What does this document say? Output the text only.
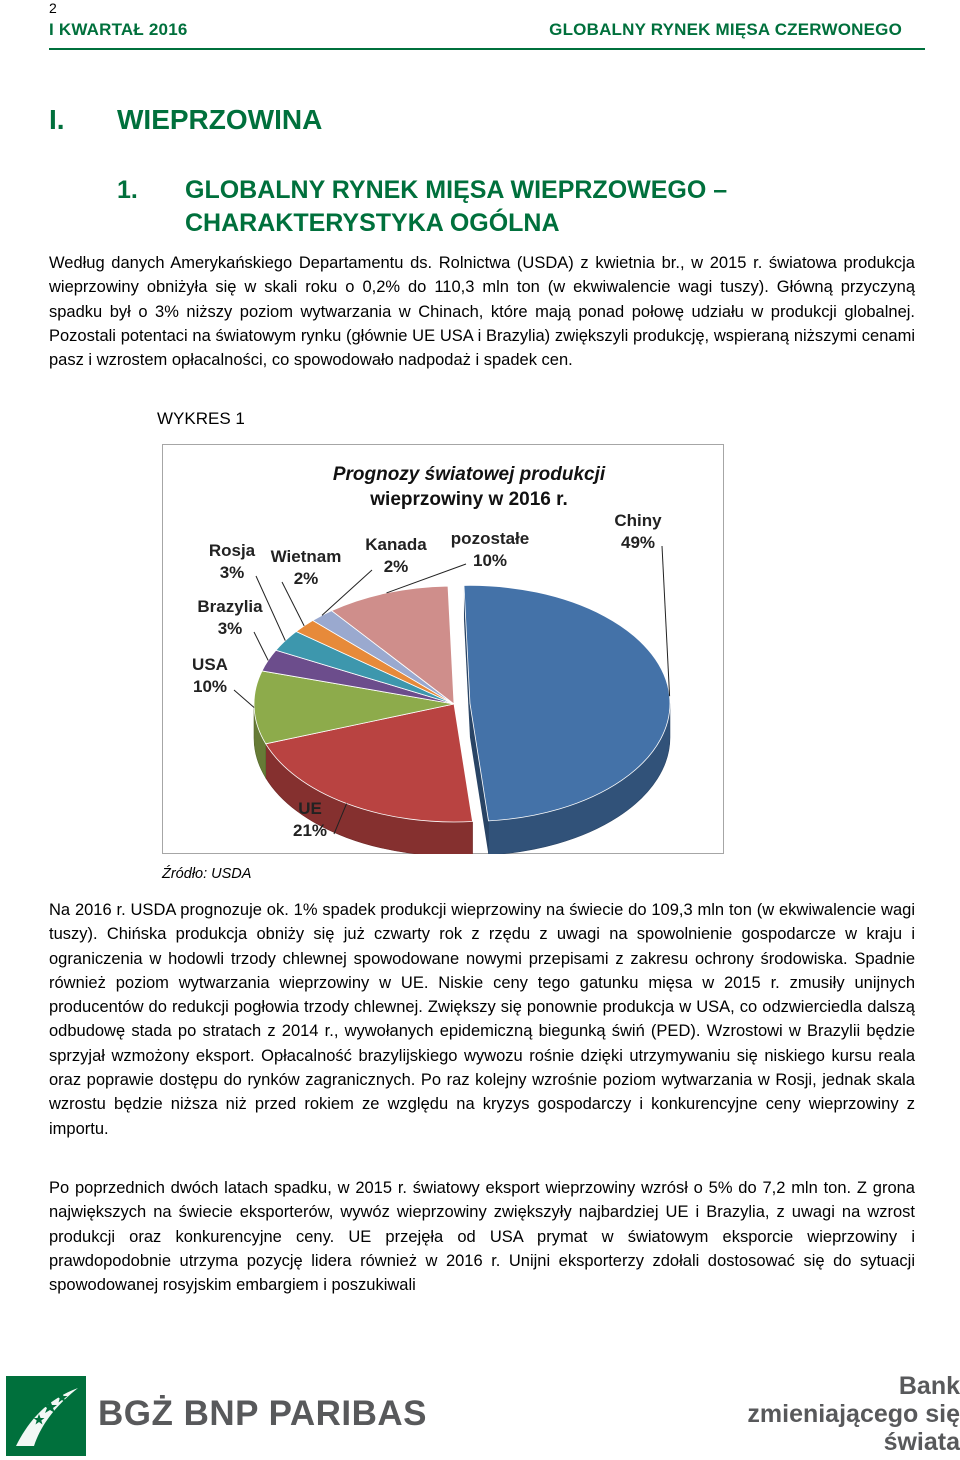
2
I KWARTAŁ 2016	GLOBALNY RYNEK MIĘSA CZERWONEGO
I. WIEPRZOWINA
1. GLOBALNY RYNEK MIĘSA WIEPRZOWEGO – CHARAKTERYSTYKA OGÓLNA
Według danych Amerykańskiego Departamentu ds. Rolnictwa (USDA) z kwietnia br., w 2015 r. światowa produkcja wieprzowiny obniżyła się w skali roku o 0,2% do 110,3 mln ton (w ekwiwalencie wagi tuszy). Główną przyczyną spadku był o 3% niższy poziom wytwarzania w Chinach, które mają ponad połowę udziału w produkcji globalnej. Pozostali potentaci na światowym rynku (głównie UE USA i Brazylia) zwiększyli produkcję, wspieraną niższymi cenami pasz i wzrostem opłacalności, co spowodowało nadpodaż i spadek cen.
WYKRES 1
Prognozy światowej produkcji
wieprzowiny w 2016 r.
Chiny
49%
UE
21%
USA
10%
Brazylia
3%
Rosja
3%
Wietnam
2%
Kanada
2%
pozostałe
10%
Źródło: USDA
Na 2016 r. USDA prognozuje ok. 1% spadek produkcji wieprzowiny na świecie do 109,3 mln ton (w ekwiwalencie wagi tuszy). Chińska produkcja obniży się już czwarty rok z rzędu z uwagi na spowolnienie gospodarcze w kraju i ograniczenia w hodowli trzody chlewnej spowodowane nowymi przepisami z zakresu ochrony środowiska. Spadnie również poziom wytwarzania wieprzowiny w UE. Niskie ceny tego gatunku mięsa w 2015 r. zmusiły unijnych producentów do redukcji pogłowia trzody chlewnej. Zwiększy się ponownie produkcja w USA, co odzwierciedla dalszą odbudowę stada po stratach z 2014 r., wywołanych epidemiczną biegunką świń (PED). Wzrostowi w Brazylii będzie sprzyjał wzmożony eksport. Opłacalność brazylijskiego wywozu rośnie dzięki utrzymywaniu się niskiego kursu reala oraz poprawie dostępu do rynków zagranicznych. Po raz kolejny wzrośnie poziom wytwarzania w Rosji, jednak skala wzrostu będzie niższa niż przed rokiem ze względu na kryzys gospodarczy i konkurencyjne ceny wieprzowiny z importu.
Po poprzednich dwóch latach spadku, w 2015 r. światowy eksport wieprzowiny wzrósł o 5% do 7,2 mln ton. Z grona największych na świecie eksporterów, wywóz wieprzowiny zwiększyły najbardziej UE i Brazylia, z uwagi na wzrost produkcji oraz konkurencyjne ceny. UE przejęła od USA prymat w światowym eksporcie wieprzowiny i prawdopodobnie utrzyma pozycję lidera również w 2016 r. Unijni eksporterzy zdołali dostosować się do sytuacji spowodowanej rosyjskim embargiem i poszukiwali
BGŻ BNP PARIBAS
Bank
zmieniającego się
świata
